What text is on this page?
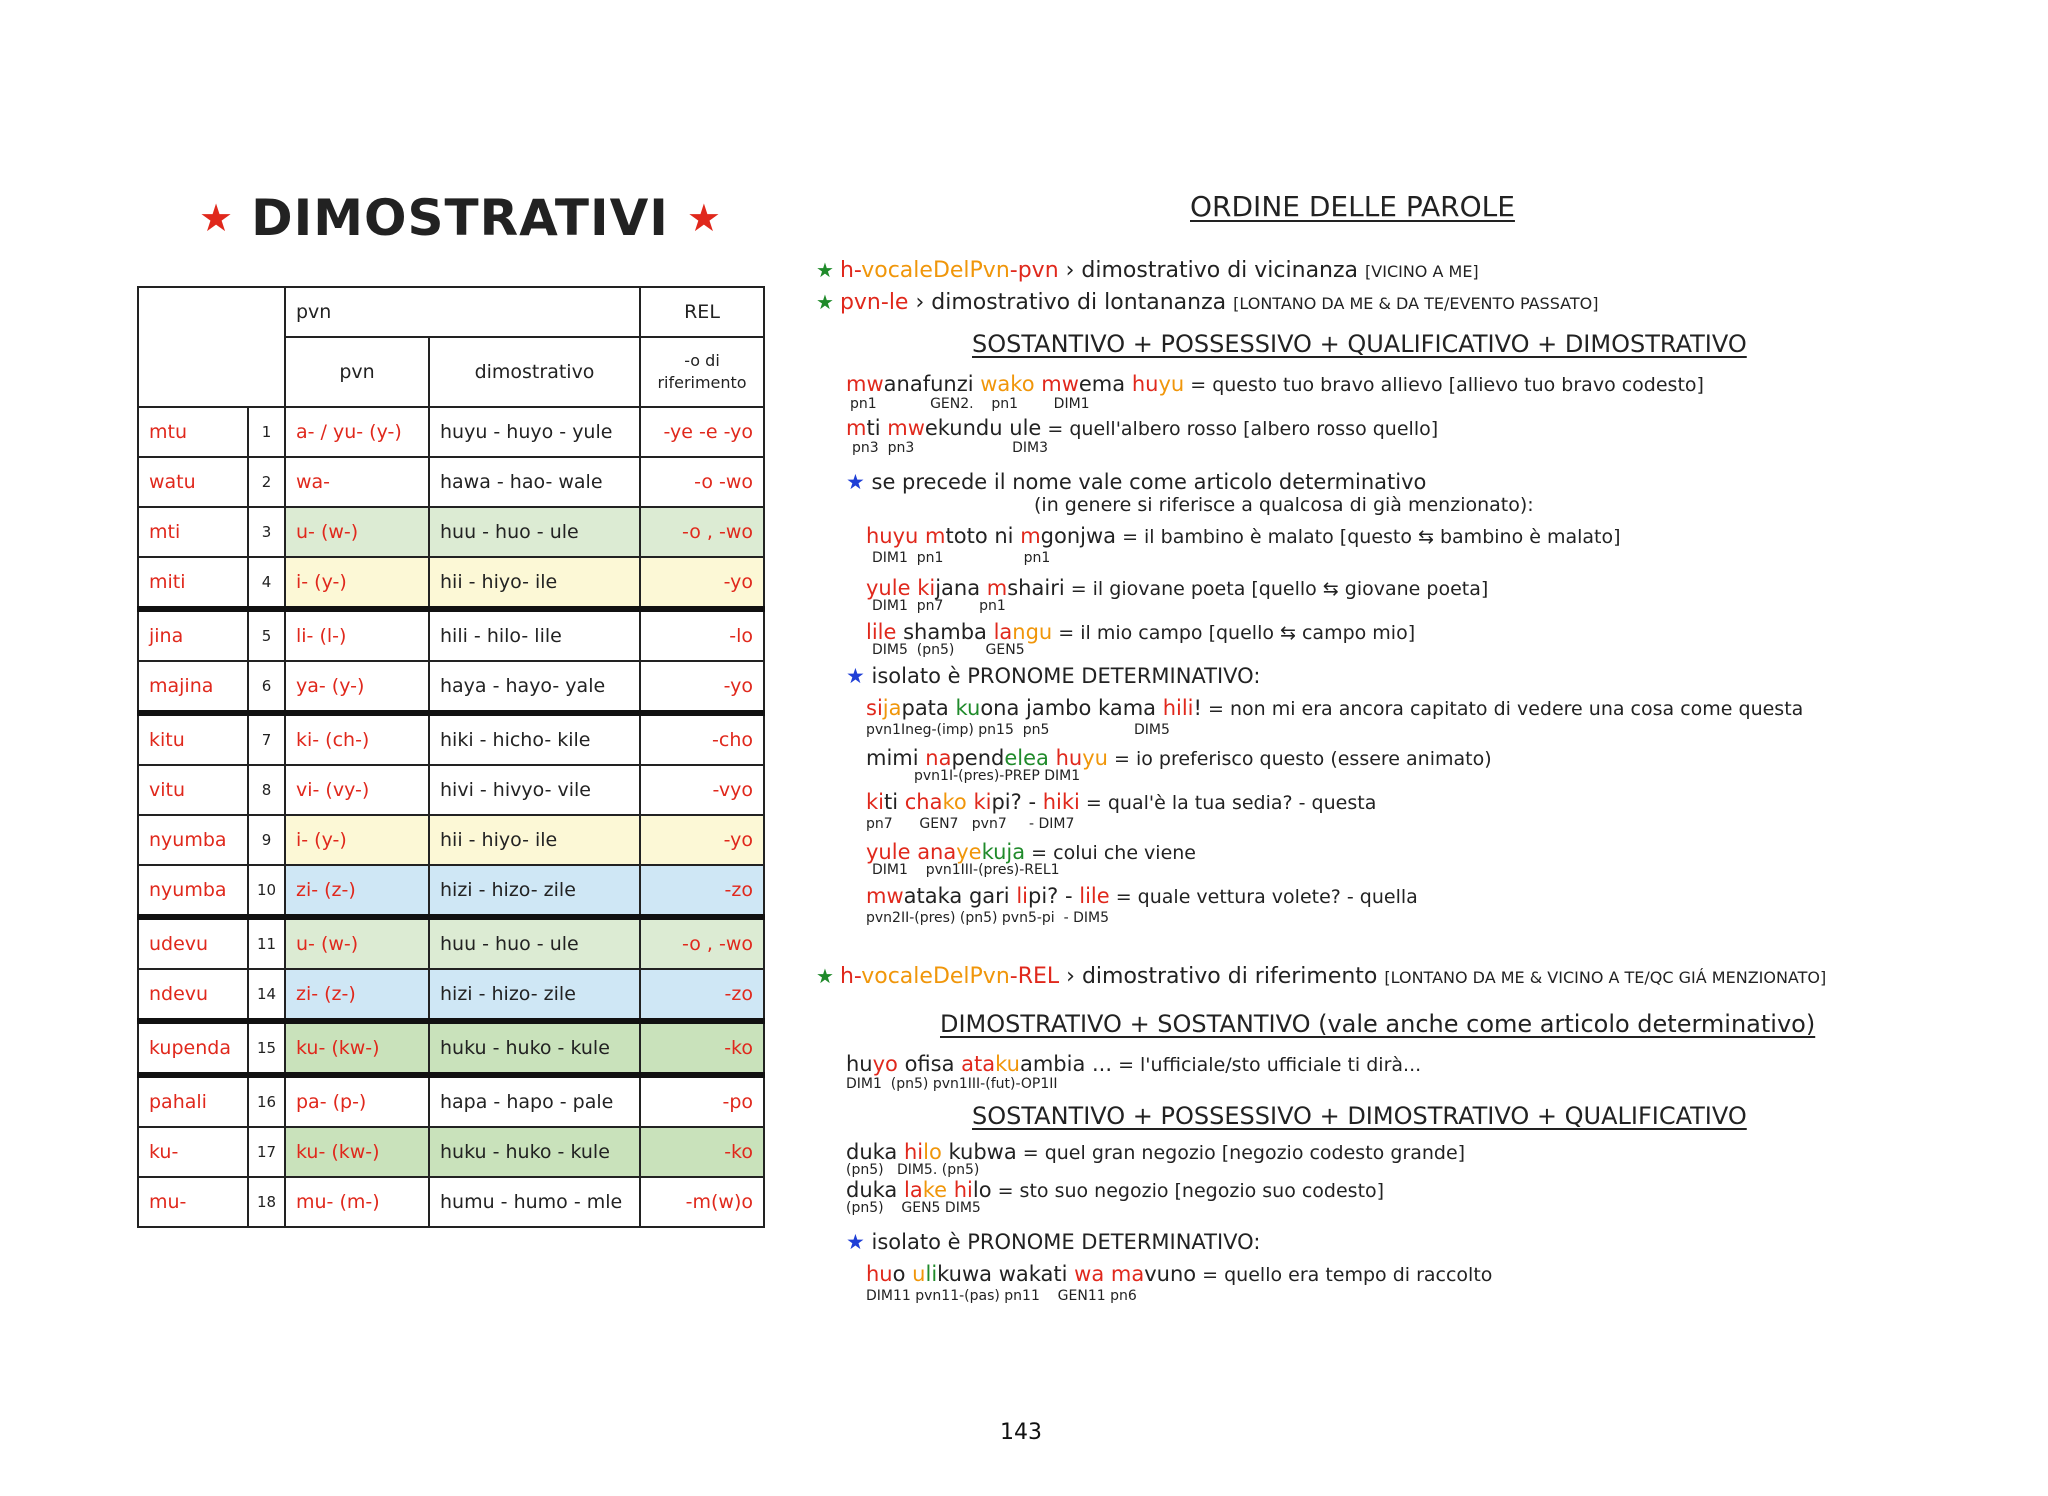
★ DIMOSTRATIVI ★
		pvn		REL
		pvn	dimostrativo	-o di riferimento
mtu	1	a- / yu- (y-)	huyu - huyo - yule	-ye -e -yo
watu	2	wa-	hawa - hao- wale	-o -wo
mti	3	u- (w-)	huu - huo - ule	-o , -wo
miti	4	i- (y-)	hii - hiyo- ile	-yo
jina	5	li- (l-)	hili - hilo- lile	-lo
majina	6	ya- (y-)	haya - hayo- yale	-yo
kitu	7	ki- (ch-)	hiki - hicho- kile	-cho
vitu	8	vi- (vy-)	hivi - hivyo- vile	-vyo
nyumba	9	i- (y-)	hii - hiyo- ile	-yo
nyumba	10	zi- (z-)	hizi - hizo- zile	-zo
udevu	11	u- (w-)	huu - huo - ule	-o , -wo
ndevu	14	zi- (z-)	hizi - hizo- zile	-zo
kupenda	15	ku- (kw-)	huku - huko - kule	-ko
pahali	16	pa- (p-)	hapa - hapo - pale	-po
ku-	17	ku- (kw-)	huku - huko - kule	-ko
mu-	18	mu- (m-)	humu - humo - mle	-m(w)o
ORDINE DELLE PAROLE
★ h-vocaleDelPvn-pvn › dimostrativo di vicinanza [VICINO A ME]
★ pvn-le › dimostrativo di lontananza [LONTANO DA ME & DA TE/EVENTO PASSATO]
SOSTANTIVO + POSSESSIVO + QUALIFICATIVO + DIMOSTRATIVO
mwanafunzi wako mwema huyu = questo tuo bravo allievo [allievo tuo bravo codesto]
pn1            GEN2.    pn1        DIM1
mti mwekundu ule = quell'albero rosso [albero rosso quello]
pn3  pn3                      DIM3
★ se precede il nome vale come articolo determinativo
(in genere si riferisce a qualcosa di già menzionato):
huyu mtoto ni mgonjwa = il bambino è malato [questo ⇆ bambino è malato]
DIM1  pn1                  pn1
yule kijana mshairi = il giovane poeta [quello ⇆ giovane poeta]
DIM1  pn7        pn1
lile shamba langu = il mio campo [quello ⇆ campo mio]
DIM5  (pn5)       GEN5
★ isolato è PRONOME DETERMINATIVO:
sijapata kuona jambo kama hili! = non mi era ancora capitato di vedere una cosa come questa
pvn1Ineg-(imp) pn15  pn5                   DIM5
mimi napendelea huyu = io preferisco questo (essere animato)
pvn1I-(pres)-PREP DIM1
kiti chako kipi? - hiki = qual'è la tua sedia? - questa
pn7      GEN7   pvn7     - DIM7
yule anayekuja = colui che viene
DIM1    pvn1III-(pres)-REL1
mwataka gari lipi? - lile = quale vettura volete? - quella
pvn2II-(pres) (pn5) pvn5-pi  - DIM5
★ h-vocaleDelPvn-REL › dimostrativo di riferimento [LONTANO DA ME & VICINO A TE/QC GIÁ MENZIONATO]
DIMOSTRATIVO + SOSTANTIVO (vale anche come articolo determinativo)
huyo ofisa atakuambia ... = l'ufficiale/sto ufficiale ti dirà...
DIM1  (pn5) pvn1III-(fut)-OP1II
SOSTANTIVO + POSSESSIVO + DIMOSTRATIVO + QUALIFICATIVO
duka hilo kubwa = quel gran negozio [negozio codesto grande]
(pn5)   DIM5. (pn5)
duka lake hilo = sto suo negozio [negozio suo codesto]
(pn5)    GEN5 DIM5
★ isolato è PRONOME DETERMINATIVO:
huo ulikuwa wakati wa mavuno = quello era tempo di raccolto
DIM11 pvn11-(pas) pn11    GEN11 pn6
143
